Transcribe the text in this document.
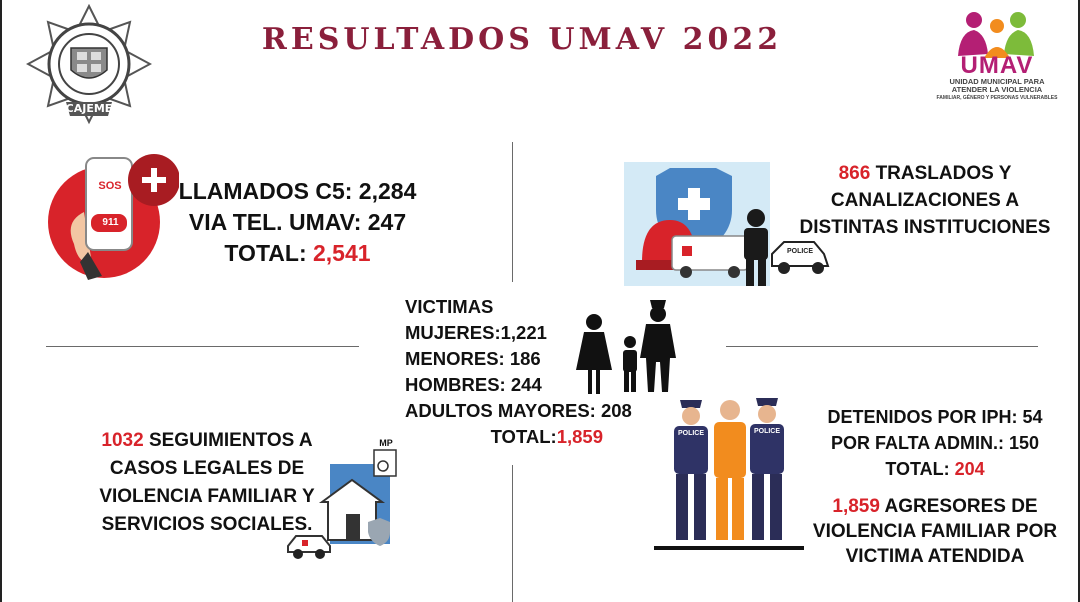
CAJEME
RESULTADOS UMAV 2022
UMAV
UNIDAD MUNICIPAL PARA
ATENDER LA VIOLENCIA
FAMILIAR, GÉNERO Y PERSONAS VULNERABLES
SOS
911
LLAMADOS C5: 2,284
VIA TEL. UMAV: 247
TOTAL: 2,541	POLICE
866 TRASLADOS Y
CANALIZACIONES A
DISTINTAS INSTITUCIONES
VICTIMAS
MUJERES:1,221
MENORES: 186
HOMBRES: 244
ADULTOS MAYORES: 208
TOTAL:1,859
MP
1032 SEGUIMIENTOS A
CASOS LEGALES DE
VIOLENCIA FAMILIAR Y
SERVICIOS SOCIALES.
POLICE	POLICE
DETENIDOS POR IPH: 54
POR FALTA ADMIN.: 150
TOTAL: 204
1,859 AGRESORES DE
VIOLENCIA FAMILIAR POR
VICTIMA ATENDIDA
